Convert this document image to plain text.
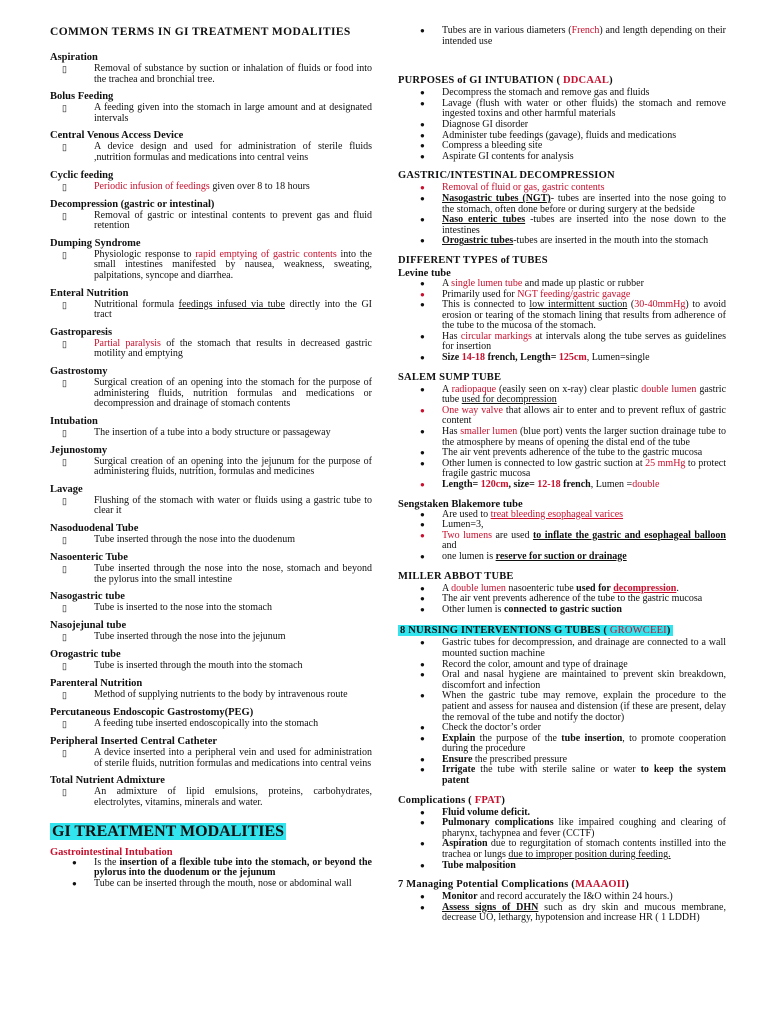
COMMON TERMS IN GI TREATMENT MODALITIES
Aspiration
▯	Removal of substance by suction or inhalation of fluids or food into the trachea and bronchial tree.
Bolus Feeding
▯	A feeding given into the stomach in large amount and at designated intervals
Central Venous Access Device
▯	A device design and used for administration of sterile fluids ,nutrition formulas and medications into central veins
Cyclic feeding
▯	Periodic infusion of feedings given over 8 to 18 hours
Decompression (gastric or intestinal)
▯	Removal of gastric or intestinal contents to prevent gas and fluid retention
Dumping Syndrome
▯	Physiologic response to rapid emptying of gastric contents into the small intestines manifested by nausea, weakness, sweating, palpitations, syncope and diarrhea.
Enteral Nutrition
▯	Nutritional formula feedings infused via tube directly into the GI tract
Gastroparesis
▯	Partial paralysis of the stomach that results in decreased gastric motility and emptying
Gastrostomy
▯	Surgical creation of an opening into the stomach for the purpose of administering fluids, nutrition formulas and medications or decompression and drainage of stomach contents
Intubation
▯	The insertion of a tube into a body structure or passageway
Jejunostomy
▯	Surgical creation of an opening into the jejunum for the purpose of administering fluids, nutrition, formulas and medicines
Lavage
▯	Flushing of the stomach with water or fluids using a gastric tube to clear it
Nasoduodenal Tube
▯	Tube inserted through the nose into the duodenum
Nasoenteric Tube
▯	Tube inserted through the nose into the nose, stomach and beyond the pylorus into the small intestine
Nasogastric tube
▯	Tube is inserted to the nose into the stomach
Nasojejunal tube
▯	Tube inserted through the nose into the jejunum
Orogastric tube
▯	Tube is inserted through the mouth into the stomach
Parenteral Nutrition
▯	Method of supplying nutrients to the body by intravenous route
Percutaneous Endoscopic Gastrostomy(PEG)
▯	A feeding tube inserted endoscopically into the stomach
Peripheral Inserted Central Catheter
▯	A device inserted into a peripheral vein and used for administration of sterile fluids, nutrition formulas and medications into central veins
Total Nutrient Admixture
▯	An admixture of lipid emulsions, proteins, carbohydrates, electrolytes, vitamins, minerals and water.
GI TREATMENT MODALITIES
Gastrointestinal Intubation
● Is the insertion of a flexible tube into the stomach, or beyond the pylorus into the duodenum or the jejunum
● Tube can be inserted through the mouth, nose or abdominal wall
● Tubes are in various diameters (French) and length depending on their intended use
PURPOSES of GI INTUBATION ( DDCAAL)
● Decompress the stomach and remove gas and fluids
● Lavage (flush with water or other fluids) the stomach and remove ingested toxins and other harmful materials
● Diagnose GI disorder
● Administer tube feedings (gavage), fluids and medications
● Compress a bleeding site
● Aspirate GI contents for analysis
GASTRIC/INTESTINAL DECOMPRESSION
● Removal of fluid or gas, gastric contents
● Nasogastric tubes (NGT)- tubes are inserted into the nose going to the stomach, often done before or during surgery at the bedside
● Naso enteric tubes -tubes are inserted into the nose down to the intestines
● Orogastric tubes-tubes are inserted in the mouth into the stomach
DIFFERENT TYPES of TUBES
Levine tube
● A single lumen tube and made up plastic or rubber
● Primarily used for NGT feeding/gastric gavage
● This is connected to low intermittent suction (30-40mmHg) to avoid erosion or tearing of the stomach lining that results from adherence of the tube to the mucosa of the stomach.
● Has circular markings at intervals along the tube serves as guidelines for insertion
● Size 14-18 french, Length= 125cm, Lumen=single
SALEM SUMP TUBE
● A radiopaque (easily seen on x-ray) clear plastic double lumen gastric tube used for decompression
● One way valve that allows air to enter and to prevent reflux of gastric content
● Has smaller lumen (blue port) vents the larger suction drainage tube to the atmosphere by means of opening the distal end of the tube
● The air vent prevents adherence of the tube to the gastric mucosa
● Other lumen is connected to low gastric suction at 25 mmHg to protect fragile gastric mucosa
● Length= 120cm, size= 12-18 french, Lumen =double
Sengstaken Blakemore tube
● Are used to treat bleeding esophageal varices
● Lumen=3,
● Two lumens are used to inflate the gastric and esophageal balloon and
● one lumen is reserve for suction or drainage
MILLER ABBOT TUBE
● A double lumen nasoenteric tube used for decompression.
● The air vent prevents adherence of the tube to the gastric mucosa
● Other lumen is connected to gastric suction
8 NURSING INTERVENTIONS G TUBES ( GROWCEEI)
● Gastric tubes for decompression, and drainage are connected to a wall mounted suction machine
● Record the color, amount and type of drainage
● Oral and nasal hygiene are maintained to prevent skin breakdown, discomfort and infection
● When the gastric tube may remove, explain the procedure to the patient and assess for nausea and distension (if these are present, delay the removal of the tube and notify the doctor)
● Check the doctor’s order
● Explain the purpose of the tube insertion, to promote cooperation during the procedure
● Ensure the prescribed pressure
● Irrigate the tube with sterile saline or water to keep the system patent
Complications ( FPAT)
● Fluid volume deficit.
● Pulmonary complications like impaired coughing and clearing of pharynx, tachypnea and fever (CCTF)
● Aspiration due to regurgitation of stomach contents instilled into the trachea or lungs due to improper position during feeding.
● Tube malposition
7 Managing Potential Complications (MAAAOII)
● Monitor and record accurately the I&O within 24 hours.)
● Assess signs of DHN such as dry skin and mucous membrane, decrease UO, lethargy, hypotension and increase HR ( 1 LDDH)
